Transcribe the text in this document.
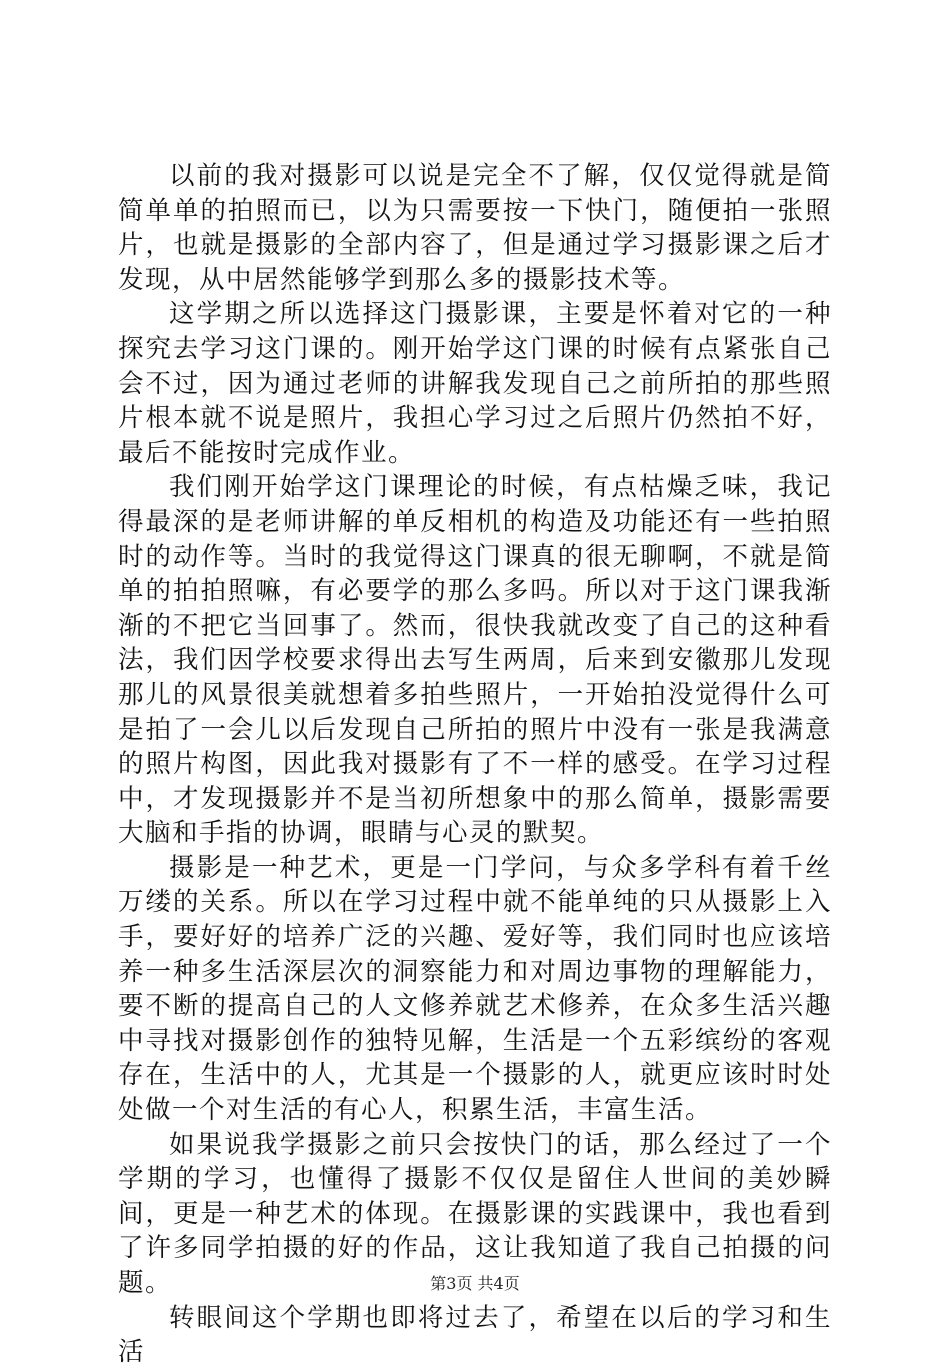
以前的我对摄影可以说是完全不了解，仅仅觉得就是简简单单的拍照而已，以为只需要按一下快门，随便拍一张照片，也就是摄影的全部内容了，但是通过学习摄影课之后才发现，从中居然能够学到那么多的摄影技术等。

这学期之所以选择这门摄影课，主要是怀着对它的一种探究去学习这门课的。刚开始学这门课的时候有点紧张自己会不过，因为通过老师的讲解我发现自己之前所拍的那些照片根本就不说是照片，我担心学习过之后照片仍然拍不好，最后不能按时完成作业。

我们刚开始学这门课理论的时候，有点枯燥乏味，我记得最深的是老师讲解的单反相机的构造及功能还有一些拍照时的动作等。当时的我觉得这门课真的很无聊啊，不就是简单的拍拍照嘛，有必要学的那么多吗。所以对于这门课我渐渐的不把它当回事了。然而，很快我就改变了自己的这种看法，我们因学校要求得出去写生两周，后来到安徽那儿发现那儿的风景很美就想着多拍些照片，一开始拍没觉得什么可是拍了一会儿以后发现自己所拍的照片中没有一张是我满意的照片构图，因此我对摄影有了不一样的感受。在学习过程中，才发现摄影并不是当初所想象中的那么简单，摄影需要大脑和手指的协调，眼睛与心灵的默契。

摄影是一种艺术，更是一门学问，与众多学科有着千丝万缕的关系。所以在学习过程中就不能单纯的只从摄影上入手，要好好的培养广泛的兴趣、爱好等，我们同时也应该培养一种多生活深层次的洞察能力和对周边事物的理解能力，要不断的提高自己的人文修养就艺术修养，在众多生活兴趣中寻找对摄影创作的独特见解，生活是一个五彩缤纷的客观存在，生活中的人，尤其是一个摄影的人，就更应该时时处处做一个对生活的有心人，积累生活，丰富生活。

如果说我学摄影之前只会按快门的话，那么经过了一个学期的学习，也懂得了摄影不仅仅是留住人世间的美妙瞬间，更是一种艺术的体现。在摄影课的实践课中，我也看到了许多同学拍摄的好的作品，这让我知道了我自己拍摄的问题。

转眼间这个学期也即将过去了，希望在以后的学习和生活

第3页 共4页
